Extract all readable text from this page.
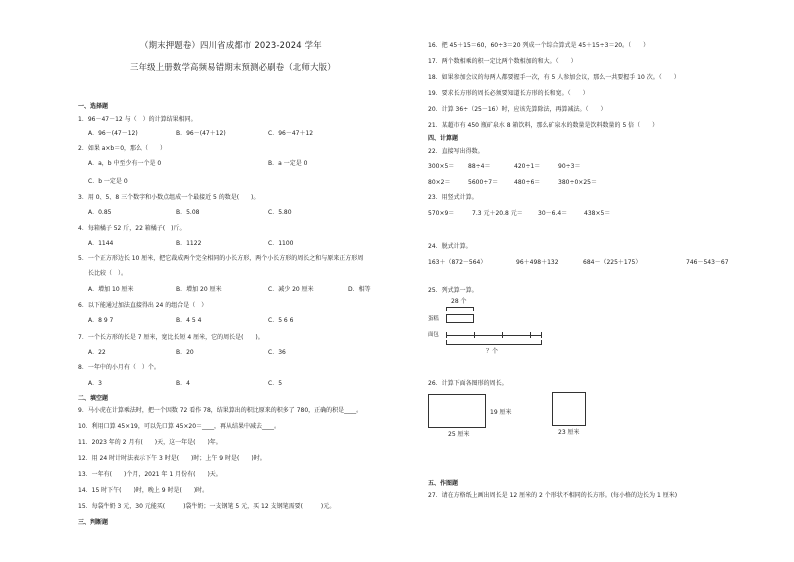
（期末押题卷）四川省成都市 2023-2024 学年
三年级上册数学高频易错期末预测必刷卷（北师大版）
一、选择题
1．96－47－12 与（　）的计算结果相同。
A．96－(47－12)	B．96－(47＋12)	C．96－47＋12
2．如果 a×b＝0，那么（　　）
A．a，b 中至少有一个是 0	B．a 一定是 0
C．b 一定是 0
3．用 0、5、8 三个数字和小数点组成一个最接近 5 的数是(　　)。
A．0.85	B．5.08	C．5.80
4．每箱橘子 52 斤，22 箱橘子(　)斤。
A．1144	B．1122	C．1100
5．一个正方形边长 10 厘米，把它裁成两个完全相同的小长方形，两个小长方形的周长之和与原来正方形周
长比较（　）。
A．增加 10 厘米	B．增加 20 厘米	C．减少 20 厘米	D．相等
6．以下能通过加法直接得出 24 的组合是（　）
A．8 9 7	B．4 5 4	C．5 6 6
7．一个长方形的长是 7 厘米，宽比长短 4 厘米，它的周长是(　　)。
A．22	B．20	C．36
8．一年中的小月有（　）个。
A．3	B．4	C．5
二、填空题
9．马小虎在计算乘法时，把一个因数 72 看作 78，结果算出的积比原来的积多了 780，正确的积是____。
10．利用口算 45×19，可以先口算 45×20＝____，再从结果中减去____。
11．2023 年的 2 月有(　　)天，这一年是(　　)年。
12．用 24 时计时法表示下午 3 时是(　　)时；上午 9 时是(　　)时。
13．一年有(　　)个月，2021 年 1 月份有(　　)天。
14．15 时下午(　　)时，晚上 9 时是(　　)时。
15．每袋牛奶 3 元，30 元能买(　　　)袋牛奶；一支钢笔 5 元，买 12 支钢笔需要(　　　)元。
三、判断题
16．把 45＋15＝60，60÷3＝20 列成一个综合算式是 45＋15÷3＝20。（　　）
17．两个数相乘的积一定比两个数相加的和大。（　　）
18．如果参加会议的每两人都要握手一次，有 5 人参加会议，那么一共要握手 10 次。（　　）
19．要求长方形的周长必须要知道长方形的长和宽。（　　）
20．计算 36÷（25－16）时，应该先算除法，再算减法。（　　）
21．某超市有 450 瓶矿泉水 8 箱饮料，那么矿泉水的数量是饮料数量的 5 倍（　　）
四、计算题
22．直接写出得数。
300×5＝ 88÷4＝	420÷1＝	90÷3＝
80×2＝	5600÷7＝	480÷6＝	380÷0×25＝
23．用竖式计算。
570×9＝	7.3 元＋20.8 元＝	30－6.4＝	438×5＝
24．脱式计算。
163＋（872－564）	96＋498＋132	684－（225＋175）	746－543－67
25．列式算一算。
28 个
蛋糕
面包
？个
26．计算下面各图形的周长。
19 厘米
25 厘米	23 厘米
五、作图题
27．请在方格纸上画出周长是 12 厘米的 2 个形状不相同的长方形。(每小格的边长为 1 厘米)
